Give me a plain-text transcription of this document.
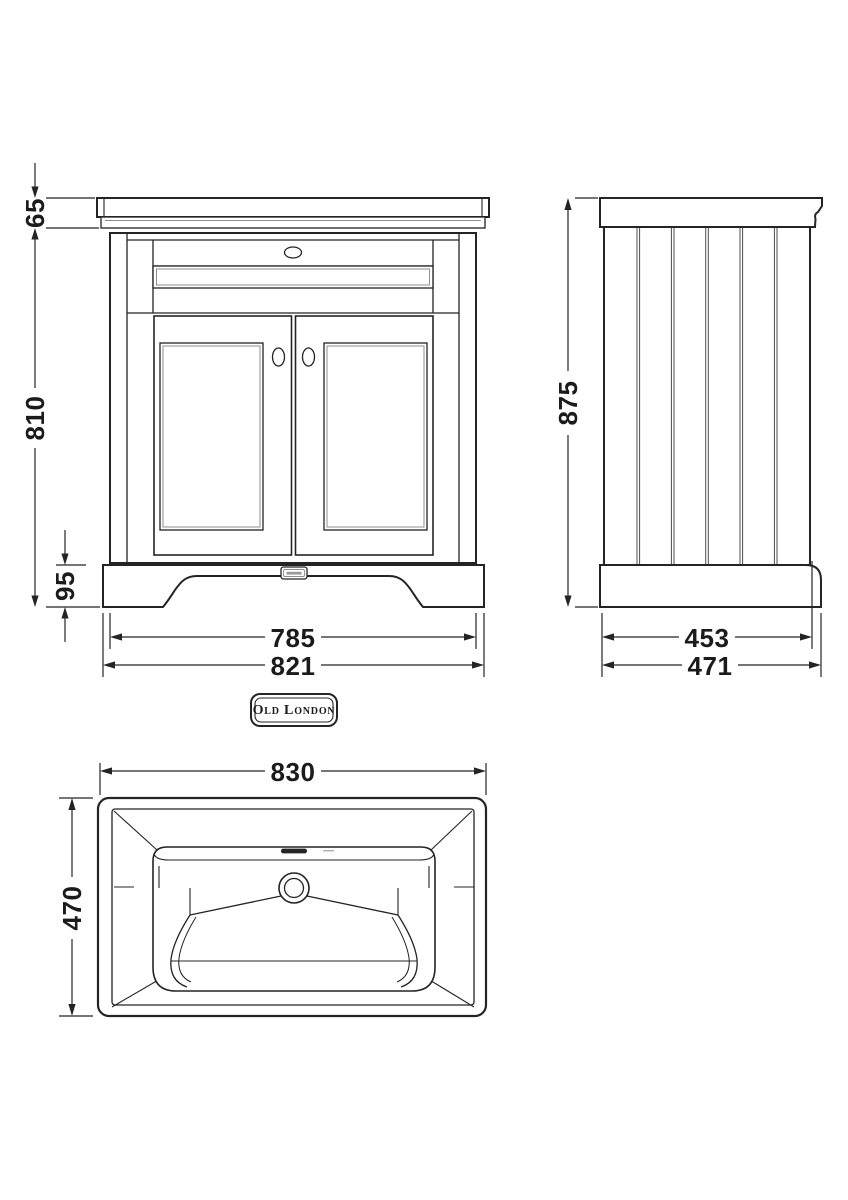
65
810
95
785
821
875
453
471
Old London
830
470
